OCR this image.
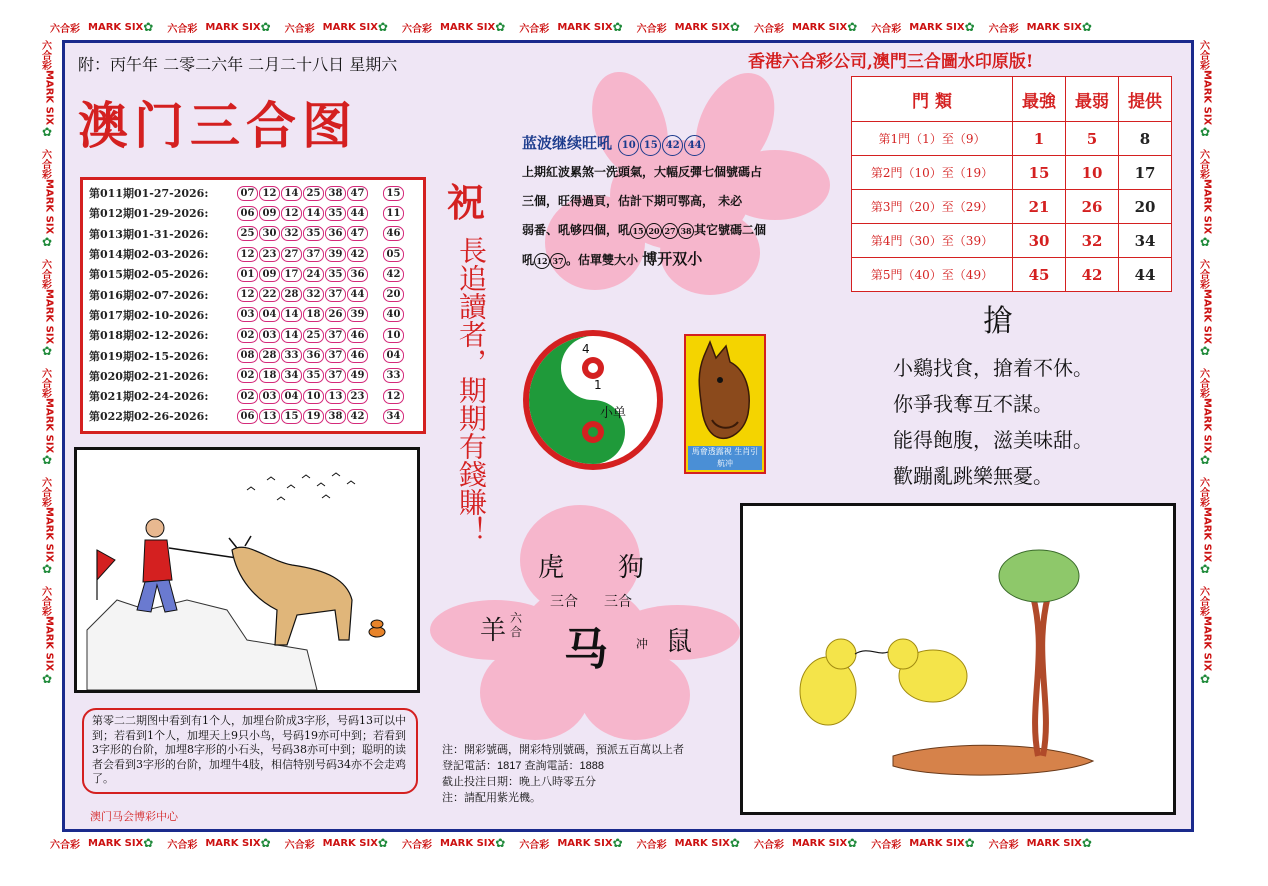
六合彩 MARK SIX ✿ 六合彩 MARK SIX ✿ 六合彩 MARK SIX ✿ 六合彩 MARK SIX ✿ 六合彩 MARK SIX ✿ 六合彩 MARK SIX ✿ 六合彩 MARK SIX ✿ 六合彩 MARK SIX ✿ 六合彩 MARK SIX ✿
六合彩 MARK SIX ✿ 六合彩 MARK SIX ✿ 六合彩 MARK SIX ✿ 六合彩 MARK SIX ✿ 六合彩 MARK SIX ✿ 六合彩 MARK SIX ✿ 六合彩 MARK SIX ✿ 六合彩 MARK SIX ✿ 六合彩 MARK SIX ✿
六合彩
MARK SIX
✿
六合彩
MARK SIX
✿
六合彩
MARK SIX
✿
六合彩
MARK SIX
✿
六合彩
MARK SIX
✿
六合彩
MARK SIX
✿
六合彩
MARK SIX
✿
六合彩
MARK SIX
✿
六合彩
MARK SIX
✿
六合彩
MARK SIX
✿
六合彩
MARK SIX
✿
六合彩
MARK SIX
✿
附：丙午年 二零二六年 二月二十八日 星期六
澳门三合图
香港六合彩公司,澳門三合圖水印原版!
第011期01-27-2026:	07 12 14 25 38 47	15
第012期01-29-2026:	06 09 12 14 35 44	11
第013期01-31-2026:	25 30 32 35 36 47	46
第014期02-03-2026:	12 23 27 37 39 42	05
第015期02-05-2026:	01 09 17 24 35 36	42
第016期02-07-2026:	12 22 28 32 37 44	20
第017期02-10-2026:	03 04 14 18 26 39	40
第018期02-12-2026:	02 03 14 25 37 46	10
第019期02-15-2026:	08 28 33 36 37 46	04
第020期02-21-2026:	02 18 34 35 37 49	33
第021期02-24-2026:	02 03 04 10 13 23	12
第022期02-26-2026:	06 13 15 19 38 42	34
祝
長追讀者，期期有錢賺！
蓝波继续旺吼 10 15 42 44
上期紅波累煞一洗頭氣，大幅反彈七個號碼占
三個，旺得過頁，估計下期可鄂高， 未必
弱番、吼够四個，吼 15 20 27 38 其它號碼二個
吼 12 37 。估單雙大小 博开双小
4
1
小单
馬會透露視 生肖引航冲
虎 狗
三合 三合
羊 六合 马 冲 鼠
第零二二期图中看到有1个人，加埋台阶成3字形，号码13可以中到；若看到1个人，加埋天上9只小鸟，号码19亦可中到；若看到3字形的台阶，加埋8字形的小石头，号码38亦可中到；聪明的读者会看到3字形的台阶，加埋牛4肢，相信特别号码34亦不会走鸡了。
澳门马会博彩中心
注：開彩號碼，開彩特別號碼，預派五百萬以上者
登記電話：1817 查詢電話：1888
截止投注日期：晚上八時零五分
注：請配用紫光機。
門 類	最強	最弱	提供
第1門（1）至（9）	1	5	8
第2門（10）至（19）	15	10	17
第3門（20）至（29）	21	26	20
第4門（30）至（39）	30	32	34
第5門（40）至（49）	45	42	44
搶
小鷄找食，搶着不休。
你爭我奪互不謀。
能得飽腹，滋美味甜。
歡蹦亂跳樂無憂。
